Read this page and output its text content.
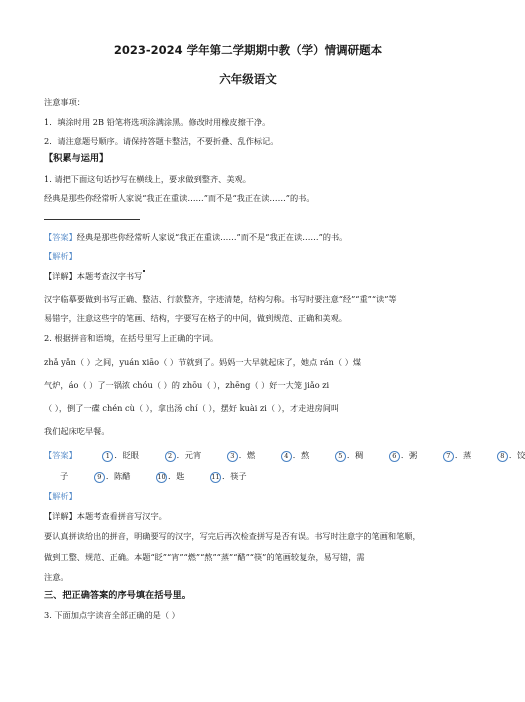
2023-2024 学年第二学期期中教（学）情调研题本
六年级语文
注意事项：
1．填涂时用 2B 铅笔将选项涂满涂黑。修改时用橡皮擦干净。
2．请注意题号顺序。请保持答题卡整洁，不要折叠、乱作标记。
【积累与运用】
1. 请把下面这句话抄写在横线上，要求做到整齐、美观。
经典是那些你经常听人家说“我正在重读……”而不是“我正在读……”的书。
【答案】经典是那些你经常听人家说“我正在重读……”而不是“我正在读……”的书。
【解析】
【详解】本题考查汉字书写
汉字临摹要做到书写正确、整洁、行款整齐，字迹清楚，结构匀称。书写时要注意“经”“重”“读”等
易错字，注意这些字的笔画、结构，字要写在格子的中间，做到规范、正确和美观。
2. 根据拼音和语境，在括号里写上正确的字词。
zhǎ yǎn（ ）之间，yuán xiāo（ ）节就到了。妈妈一大早就起床了，她点 rán（ ）煤
气炉，áo（ ）了一锅浓 chóu（ ）的 zhōu（ ），zhēng（ ）好一大笼 jiǎo zi
（ ），倒了一碟 chén cù（ ），拿出汤 chí（ ），摆好 kuài zi（ ），才走进房间叫
我们起床吃早餐。
【答案】	1 ．眨眼	2 ．元宵	3 ．燃	4 ．熬	5 ．稠	6 ．粥	7 ．蒸	8 ．饺
子	9 ．陈醋	10 ．匙	11 ．筷子
【解析】
【详解】本题考查看拼音写汉字。
要认真拼读给出的拼音，明确要写的汉字，写完后再次检查拼写是否有误。书写时注意字的笔画和笔顺，
做到工整、规范、正确。本题“眨”“宵”“燃”“熬”“蒸”“醋”“筷”的笔画较复杂，易写错，需
注意。
三、把正确答案的序号填在括号里。
3. 下面加点字读音全部正确的是（ ）
